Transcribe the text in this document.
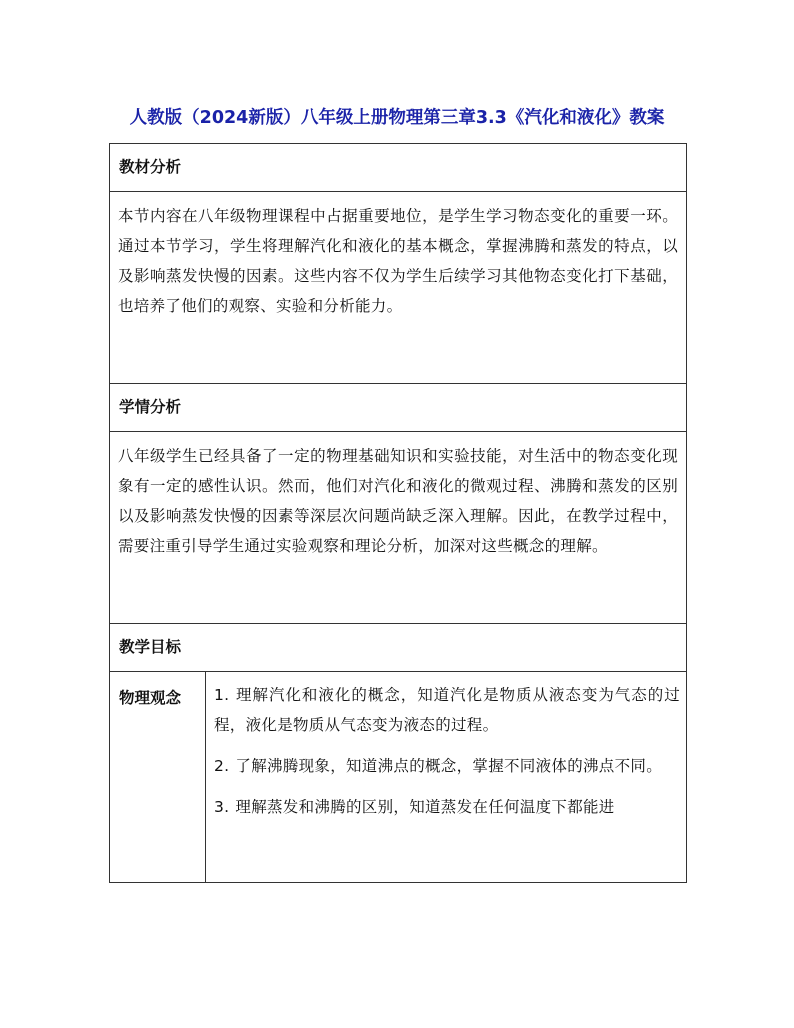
人教版（2024新版）八年级上册物理第三章3.3《汽化和液化》教案
教材分析
本节内容在八年级物理课程中占据重要地位，是学生学习物态变化的重要一环。通过本节学习，学生将理解汽化和液化的基本概念，掌握沸腾和蒸发的特点，以及影响蒸发快慢的因素。这些内容不仅为学生后续学习其他物态变化打下基础，也培养了他们的观察、实验和分析能力。
学情分析
八年级学生已经具备了一定的物理基础知识和实验技能，对生活中的物态变化现象有一定的感性认识。然而，他们对汽化和液化的微观过程、沸腾和蒸发的区别以及影响蒸发快慢的因素等深层次问题尚缺乏深入理解。因此，在教学过程中，需要注重引导学生通过实验观察和理论分析，加深对这些概念的理解。
教学目标
物理观念	1. 理解汽化和液化的概念，知道汽化是物质从液态变为气态的过程，液化是物质从气态变为液态的过程。

2. 了解沸腾现象，知道沸点的概念，掌握不同液体的沸点不同。

3. 理解蒸发和沸腾的区别，知道蒸发在任何温度下都能进
